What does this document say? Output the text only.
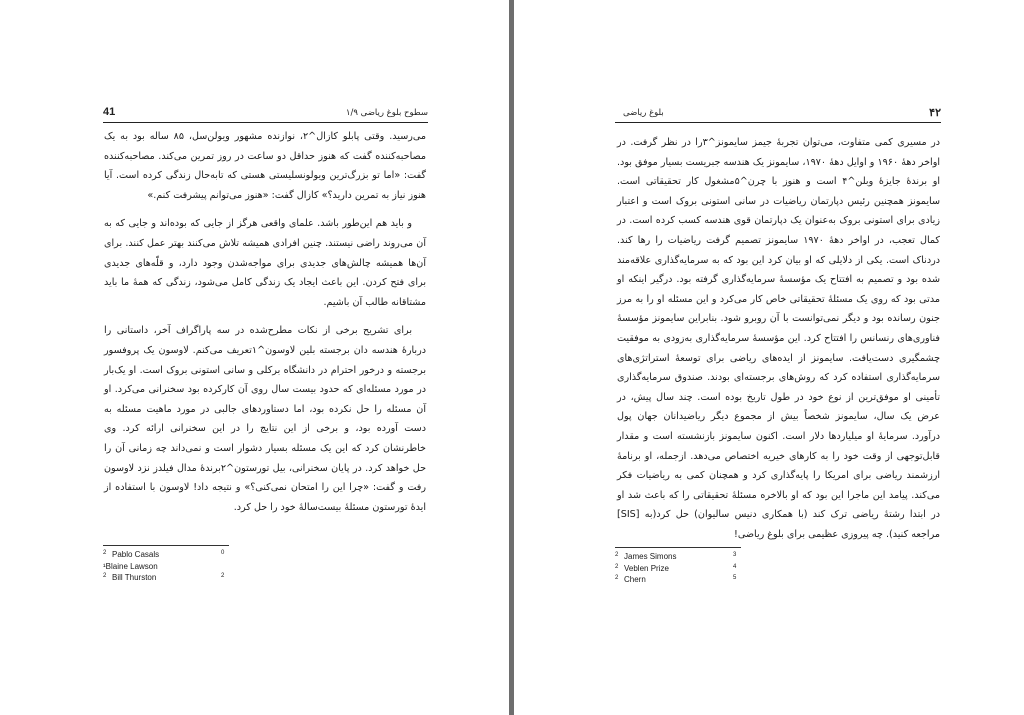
41	۱/۹ سطوح بلوغ ریاضی

می‌رسید. وقتی پابلو کازال^۲، نوازنده مشهور ویولن‌سل، ۸۵ ساله بود به یک مصاحبه‌کننده گفت که هنوز حداقل دو ساعت در روز تمرین می‌کند. مصاحبه‌کننده گفت: «اما تو بزرگ‌ترین ویولونسلیستی هستی که تابه‌حال زندگی کرده است. آیا هنوز نیاز به تمرین دارید؟» کازال گفت: «هنوز می‌توانم پیشرفت کنم.»

و باید هم این‌طور باشد. علمای واقعی هرگز از جایی که بوده‌اند و جایی که به آن می‌روند راضی نیستند. چنین افرادی همیشه تلاش می‌کنند بهتر عمل کنند. برای آن‌ها همیشه چالش‌های جدیدی برای مواجه‌شدن وجود دارد، و قلّه‌های جدیدی برای فتح کردن. این باعث ایجاد یک زندگی کامل می‌شود، زندگی که همهٔ ما باید مشتاقانه طالب آن باشیم.

برای تشریح برخی از نکات مطرح‌شده در سه پاراگراف آخر، داستانی را دربارهٔ هندسه دان برجسته بلین لاوسون^۱تعریف می‌کنم. لاوسون یک پروفسور برجسته و درخور احترام در دانشگاه برکلی و سانی استونی بروک است. او یک‌بار در مورد مسئله‌ای که حدود بیست سال روی آن کارکرده بود سخنرانی می‌کرد. او آن مسئله را حل نکرده بود، اما دستاوردهای جالبی در مورد ماهیت مسئله به دست آورده بود، و برخی از این نتایج را در این سخنرانی ارائه کرد. وی خاطرنشان کرد که این یک مسئله بسیار دشوار است و نمی‌داند چه زمانی آن را حل خواهد کرد. در پایان سخنرانی، بیل تورستون^۲برندهٔ مدال فیلدز نزد لاوسون رفت و گفت: «چرا این را امتحان نمی‌کنی؟» و نتیجه داد! لاوسون با استفاده از ایدهٔ تورستون مسئلهٔ بیست‌سالهٔ خود را حل کرد.

2 Pablo Casals	0
¹Blaine Lawson
2 Bill Thurston	2
بلوغ ریاضی	۴۲

در مسیری کمی متفاوت، می‌توان تجربهٔ جیمز سایمونز^۳را در نظر گرفت. در اواخر دههٔ ۱۹۶۰ و اوایل دههٔ ۱۹۷۰، سایمونز یک هندسه جبریست بسیار موفق بود. او برندهٔ جایزهٔ وبلن^۴ است و هنوز با چرن^۵مشغول کار تحقیقاتی است. سایمونز همچنین رئیس دپارتمان ریاضیات در سانی استونی بروک است و اعتبار زیادی برای استونی بروک به‌عنوان یک دپارتمان قوی هندسه کسب کرده است. در کمال تعجب، در اواخر دههٔ ۱۹۷۰ سایمونز تصمیم گرفت ریاضیات را رها کند. دردناک است. یکی از دلایلی که او بیان کرد این بود که به سرمایه‌گذاری علاقه‌مند شده بود و تصمیم به افتتاح یک مؤسسهٔ سرمایه‌گذاری گرفته بود. درگیر اینکه او مدتی بود که روی یک مسئلهٔ تحقیقاتی خاص کار می‌کرد و این مسئله او را به مرز جنون رسانده بود و دیگر نمی‌توانست با آن روبرو شود. بنابراین سایمونز مؤسسهٔ فناوری‌های رنسانس را افتتاح کرد. این مؤسسهٔ سرمایه‌گذاری به‌زودی به موفقیت چشمگیری دست‌یافت. سایمونز از ایده‌های ریاضی برای توسعهٔ استراتژی‌های سرمایه‌گذاری استفاده کرد که روش‌های برجسته‌ای بودند. صندوق سرمایه‌گذاری تأمینی او موفق‌ترین از نوع خود در طول تاریخ بوده است. چند سال پیش، در عرض یک سال، سایمونز شخصاً بیش از مجموع دیگر ریاضیدانان جهان پول درآورد. سرمایهٔ او میلیاردها دلار است. اکنون سایمونز بازنشسته است و مقدار قابل‌توجهی از وقت خود را به کارهای خیریه اختصاص می‌دهد. ازجمله، او برنامهٔ ارزشمند ریاضی برای امریکا را پایه‌گذاری کرد و همچنان کمی به ریاضیات فکر می‌کند. پیامد این ماجرا این بود که او بالاخره مسئلهٔ تحقیقاتی را که باعث شد او در ابتدا رشتهٔ ریاضی ترک کند (با همکاری دنیس سالیوان) حل کرد(به [SIS] مراجعه کنید). چه پیروزی عظیمی برای بلوغ ریاضی!

2 James Simons	3
2 Veblen Prize	4
2 Chern	5
